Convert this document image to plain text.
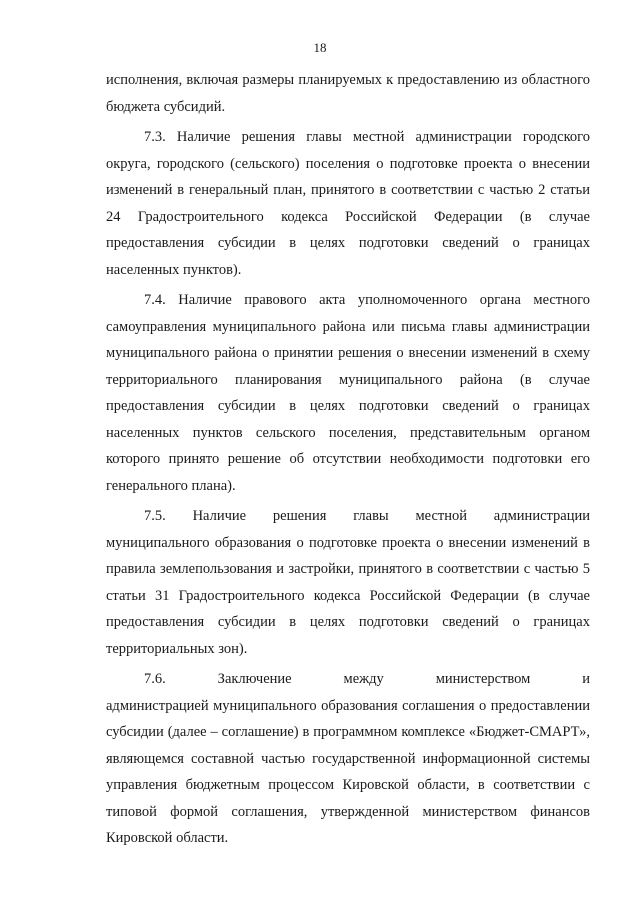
18

исполнения, включая размеры планируемых к предоставлению из областного бюджета субсидий.

7.3. Наличие решения главы местной администрации городского округа, городского (сельского) поселения о подготовке проекта о внесении изменений в генеральный план, принятого в соответствии с частью 2 статьи 24 Градостроительного кодекса Российской Федерации (в случае предоставления субсидии в целях подготовки сведений о границах населенных пунктов).

7.4. Наличие правового акта уполномоченного органа местного самоуправления муниципального района или письма главы администрации муниципального района о принятии решения о внесении изменений в схему территориального планирования муниципального района (в случае предоставления субсидии в целях подготовки сведений о границах населенных пунктов сельского поселения, представительным органом которого принято решение об отсутствии необходимости подготовки его генерального плана).

7.5. Наличие решения главы местной администрации муниципального образования о подготовке проекта о внесении изменений в правила землепользования и застройки, принятого в соответствии с частью 5 статьи 31 Градостроительного кодекса Российской Федерации (в случае предоставления субсидии в целях подготовки сведений о границах территориальных зон).

7.6. Заключение между министерством и администрацией муниципального образования соглашения о предоставлении субсидии (далее – соглашение) в программном комплексе «Бюджет-СМАРТ», являющемся составной частью государственной информационной системы управления бюджетным процессом Кировской области, в соответствии с типовой формой соглашения, утвержденной министерством финансов Кировской области.
